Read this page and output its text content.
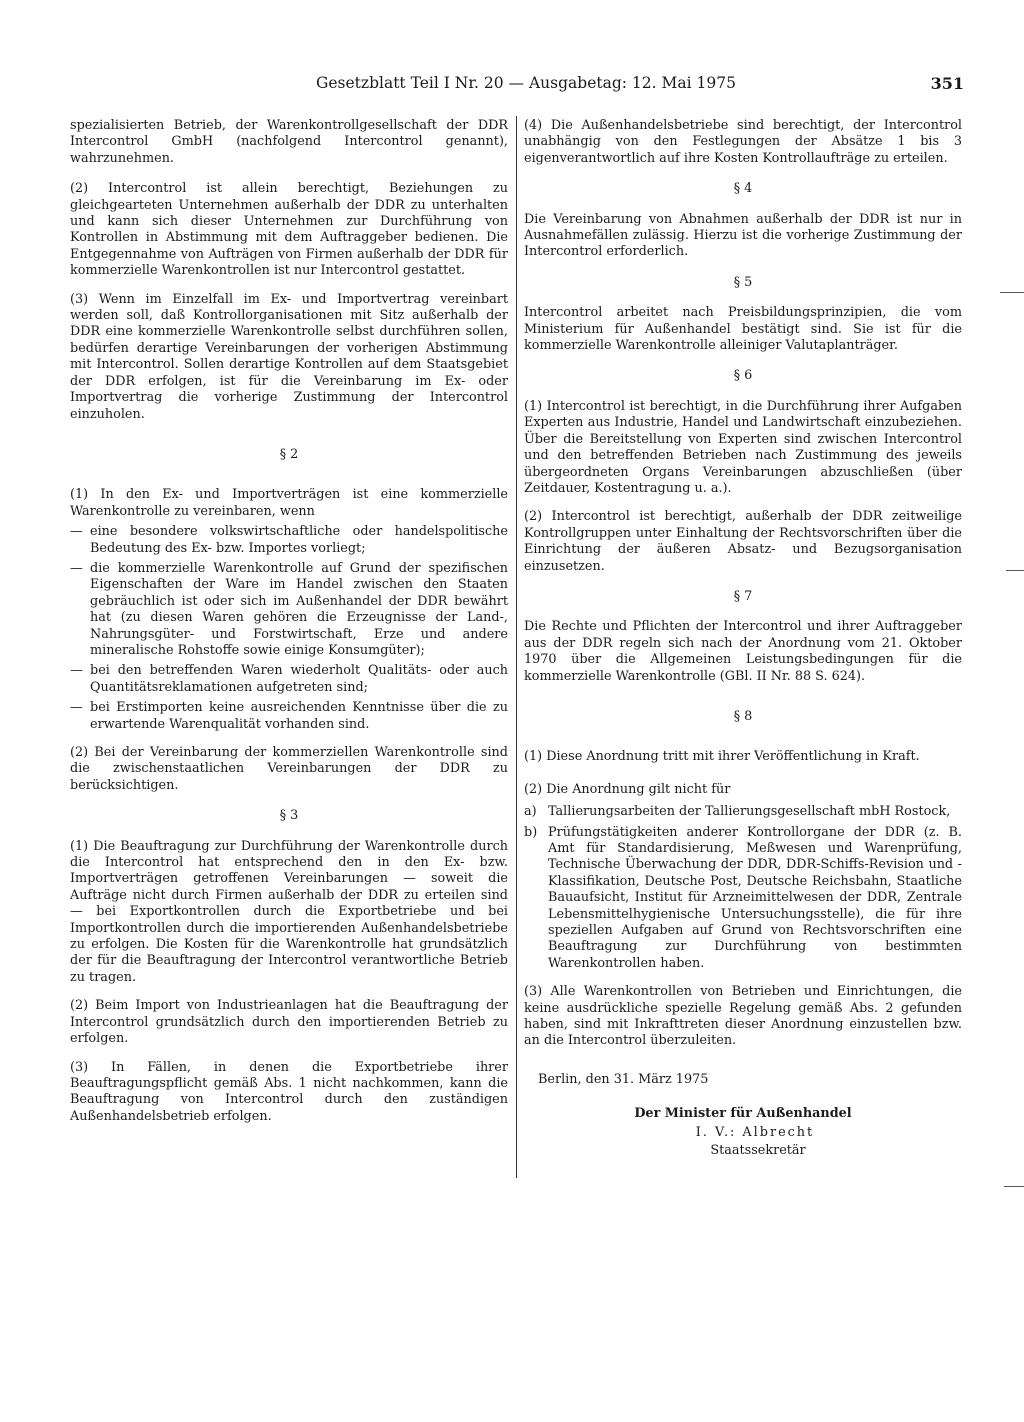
Gesetzblatt Teil I Nr. 20 — Ausgabetag: 12. Mai 1975	351

spezialisierten Betrieb, der Warenkontrollgesellschaft der DDR Intercontrol GmbH (nachfolgend Intercontrol genannt), wahrzunehmen.

(2) Intercontrol ist allein berechtigt, Beziehungen zu gleichgearteten Unternehmen außerhalb der DDR zu unterhalten und kann sich dieser Unternehmen zur Durchführung von Kontrollen in Abstimmung mit dem Auftraggeber bedienen. Die Entgegennahme von Aufträgen von Firmen außerhalb der DDR für kommerzielle Warenkontrollen ist nur Intercontrol gestattet.

(3) Wenn im Einzelfall im Ex- und Importvertrag vereinbart werden soll, daß Kontrollorganisationen mit Sitz außerhalb der DDR eine kommerzielle Warenkontrolle selbst durchführen sollen, bedürfen derartige Vereinbarungen der vorherigen Abstimmung mit Intercontrol. Sollen derartige Kontrollen auf dem Staatsgebiet der DDR erfolgen, ist für die Vereinbarung im Ex- oder Importvertrag die vorherige Zustimmung der Intercontrol einzuholen.

§ 2

(1) In den Ex- und Importverträgen ist eine kommerzielle Warenkontrolle zu vereinbaren, wenn

— eine besondere volkswirtschaftliche oder handelspolitische Bedeutung des Ex- bzw. Importes vorliegt;
— die kommerzielle Warenkontrolle auf Grund der spezifischen Eigenschaften der Ware im Handel zwischen den Staaten gebräuchlich ist oder sich im Außenhandel der DDR bewährt hat (zu diesen Waren gehören die Erzeugnisse der Land-, Nahrungsgüter- und Forstwirtschaft, Erze und andere mineralische Rohstoffe sowie einige Konsumgüter);
— bei den betreffenden Waren wiederholt Qualitäts- oder auch Quantitätsreklamationen aufgetreten sind;
— bei Erstimporten keine ausreichenden Kenntnisse über die zu erwartende Warenqualität vorhanden sind.

(2) Bei der Vereinbarung der kommerziellen Warenkontrolle sind die zwischenstaatlichen Vereinbarungen der DDR zu berücksichtigen.

§ 3

(1) Die Beauftragung zur Durchführung der Warenkontrolle durch die Intercontrol hat entsprechend den in den Ex- bzw. Importverträgen getroffenen Vereinbarungen — soweit die Aufträge nicht durch Firmen außerhalb der DDR zu erteilen sind — bei Exportkontrollen durch die Exportbetriebe und bei Importkontrollen durch die importierenden Außenhandelsbetriebe zu erfolgen. Die Kosten für die Warenkontrolle hat grundsätzlich der für die Beauftragung der Intercontrol verantwortliche Betrieb zu tragen.

(2) Beim Import von Industrieanlagen hat die Beauftragung der Intercontrol grundsätzlich durch den importierenden Betrieb zu erfolgen.

(3) In Fällen, in denen die Exportbetriebe ihrer Beauftragungspflicht gemäß Abs. 1 nicht nachkommen, kann die Beauftragung von Intercontrol durch den zuständigen Außenhandelsbetrieb erfolgen.

(4) Die Außenhandelsbetriebe sind berechtigt, der Intercontrol unabhängig von den Festlegungen der Absätze 1 bis 3 eigenverantwortlich auf ihre Kosten Kontrollaufträge zu erteilen.

§ 4

Die Vereinbarung von Abnahmen außerhalb der DDR ist nur in Ausnahmefällen zulässig. Hierzu ist die vorherige Zustimmung der Intercontrol erforderlich.

§ 5

Intercontrol arbeitet nach Preisbildungsprinzipien, die vom Ministerium für Außenhandel bestätigt sind. Sie ist für die kommerzielle Warenkontrolle alleiniger Valutaplanträger.

§ 6

(1) Intercontrol ist berechtigt, in die Durchführung ihrer Aufgaben Experten aus Industrie, Handel und Landwirtschaft einzubeziehen. Über die Bereitstellung von Experten sind zwischen Intercontrol und den betreffenden Betrieben nach Zustimmung des jeweils übergeordneten Organs Vereinbarungen abzuschließen (über Zeitdauer, Kostentragung u. a.).

(2) Intercontrol ist berechtigt, außerhalb der DDR zeitweilige Kontrollgruppen unter Einhaltung der Rechtsvorschriften über die Einrichtung der äußeren Absatz- und Bezugsorganisation einzusetzen.

§ 7

Die Rechte und Pflichten der Intercontrol und ihrer Auftraggeber aus der DDR regeln sich nach der Anordnung vom 21. Oktober 1970 über die Allgemeinen Leistungsbedingungen für die kommerzielle Warenkontrolle (GBl. II Nr. 88 S. 624).

§ 8

(1) Diese Anordnung tritt mit ihrer Veröffentlichung in Kraft.

(2) Die Anordnung gilt nicht für

a) Tallierungsarbeiten der Tallierungsgesellschaft mbH Rostock,
b) Prüfungstätigkeiten anderer Kontrollorgane der DDR (z. B. Amt für Standardisierung, Meßwesen und Warenprüfung, Technische Überwachung der DDR, DDR-Schiffs-Revision und -Klassifikation, Deutsche Post, Deutsche Reichsbahn, Staatliche Bauaufsicht, Institut für Arzneimittelwesen der DDR, Zentrale Lebensmittelhygienische Untersuchungsstelle), die für ihre speziellen Aufgaben auf Grund von Rechtsvorschriften eine Beauftragung zur Durchführung von bestimmten Warenkontrollen haben.

(3) Alle Warenkontrollen von Betrieben und Einrichtungen, die keine ausdrückliche spezielle Regelung gemäß Abs. 2 gefunden haben, sind mit Inkrafttreten dieser Anordnung einzustellen bzw. an die Intercontrol überzuleiten.

Berlin, den 31. März 1975

Der Minister für Außenhandel

I. V.: Albrecht

Staatssekretär
